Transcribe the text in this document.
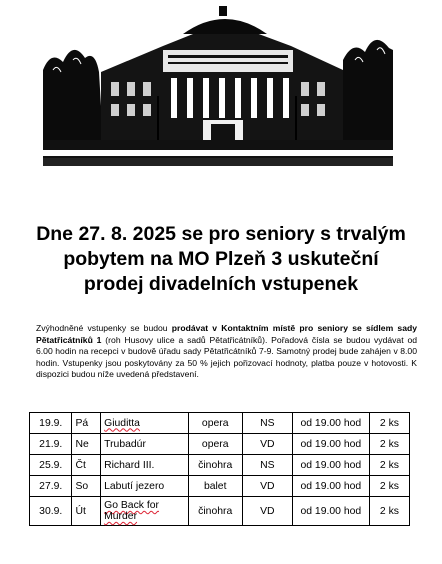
Dne 27. 8. 2025 se pro seniory s trvalým
pobytem na MO Plzeň 3 uskuteční
prodej divadelních vstupenek
Zvýhodněné vstupenky se budou prodávat v Kontaktním místě pro seniory se sídlem sady Pětatřicátníků 1 (roh Husovy ulice a sadů Pětatřicátníků). Pořadová čísla se budou vydávat od 6.00 hodin na recepci v budově úřadu sady Pětatřicátníků 7-9. Samotný prodej bude zahájen v 8.00 hodin. Vstupenky jsou poskytovány za 50 % jejich pořizovací hodnoty, platba pouze v hotovosti. K dispozici budou níže uvedená představení.
19.9.	Pá	Giuditta	opera	NS	od 19.00 hod	2 ks
21.9.	Ne	Trubadúr	opera	VD	od 19.00 hod	2 ks
25.9.	Čt	Richard III.	činohra	NS	od 19.00 hod	2 ks
27.9.	So	Labutí jezero	balet	VD	od 19.00 hod	2 ks
30.9.	Út	Go Back for Murder	činohra	VD	od 19.00 hod	2 ks
